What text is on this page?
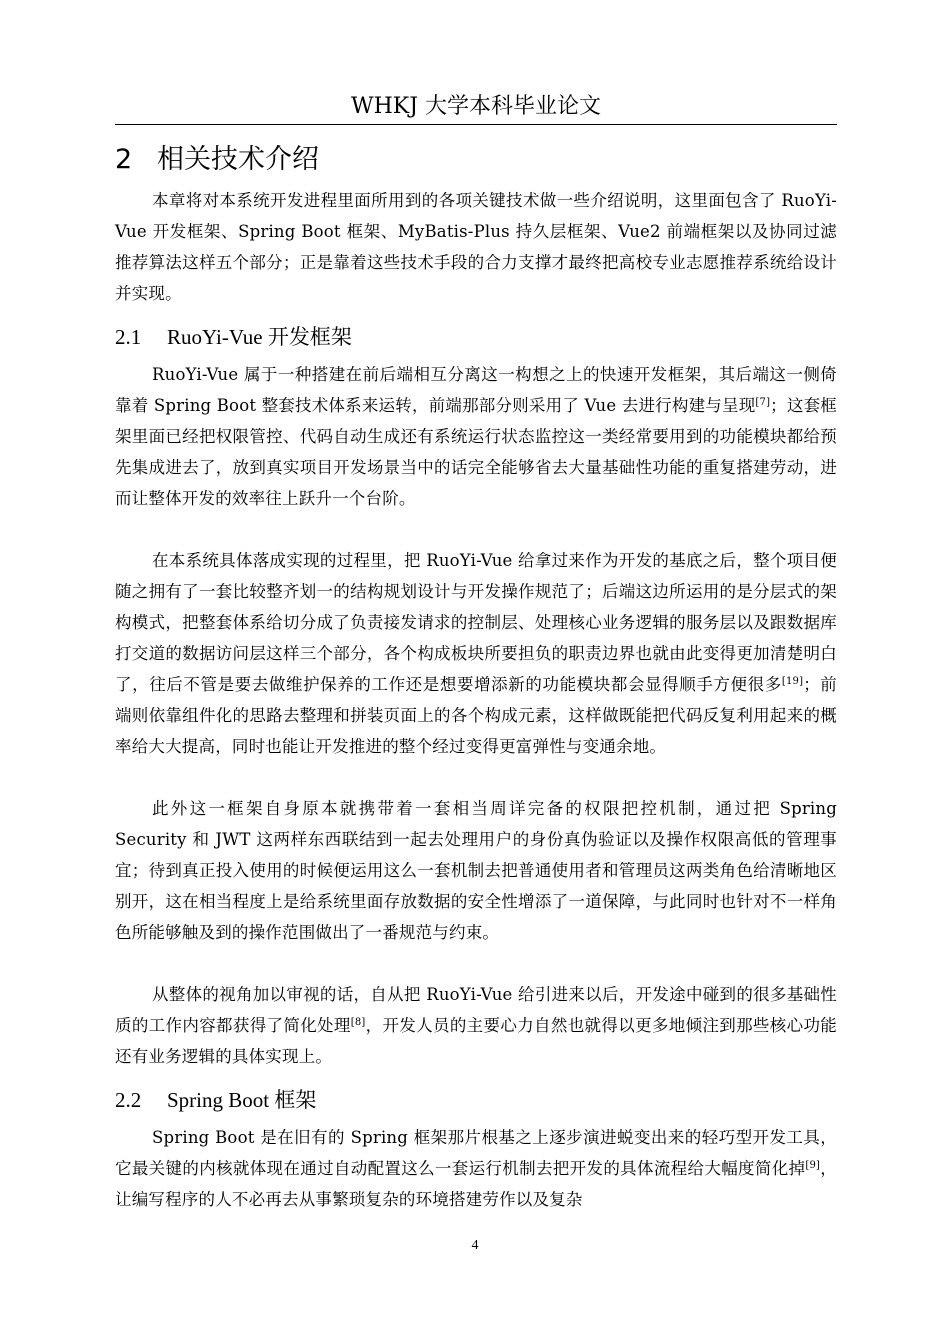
WHKJ 大学本科毕业论文
2 相关技术介绍

本章将对本系统开发进程里面所用到的各项关键技术做一些介绍说明，这里面包含了 RuoYi-Vue 开发框架、Spring Boot 框架、MyBatis-Plus 持久层框架、Vue2 前端框架以及协同过滤推荐算法这样五个部分；正是靠着这些技术手段的合力支撑才最终把高校专业志愿推荐系统给设计并实现。

2.1 RuoYi-Vue 开发框架

RuoYi-Vue 属于一种搭建在前后端相互分离这一构想之上的快速开发框架，其后端这一侧倚靠着 Spring Boot 整套技术体系来运转，前端那部分则采用了 Vue 去进行构建与呈现[7]；这套框架里面已经把权限管控、代码自动生成还有系统运行状态监控这一类经常要用到的功能模块都给预先集成进去了，放到真实项目开发场景当中的话完全能够省去大量基础性功能的重复搭建劳动，进而让整体开发的效率往上跃升一个台阶。

在本系统具体落成实现的过程里，把 RuoYi-Vue 给拿过来作为开发的基底之后，整个项目便随之拥有了一套比较整齐划一的结构规划设计与开发操作规范了；后端这边所运用的是分层式的架构模式，把整套体系给切分成了负责接发请求的控制层、处理核心业务逻辑的服务层以及跟数据库打交道的数据访问层这样三个部分，各个构成板块所要担负的职责边界也就由此变得更加清楚明白了，往后不管是要去做维护保养的工作还是想要增添新的功能模块都会显得顺手方便很多[19]；前端则依靠组件化的思路去整理和拼装页面上的各个构成元素，这样做既能把代码反复利用起来的概率给大大提高，同时也能让开发推进的整个经过变得更富弹性与变通余地。

此外这一框架自身原本就携带着一套相当周详完备的权限把控机制，通过把 Spring Security 和 JWT 这两样东西联结到一起去处理用户的身份真伪验证以及操作权限高低的管理事宜；待到真正投入使用的时候便运用这么一套机制去把普通使用者和管理员这两类角色给清晰地区别开，这在相当程度上是给系统里面存放数据的安全性增添了一道保障，与此同时也针对不一样角色所能够触及到的操作范围做出了一番规范与约束。

从整体的视角加以审视的话，自从把 RuoYi-Vue 给引进来以后，开发途中碰到的很多基础性质的工作内容都获得了简化处理[8]，开发人员的主要心力自然也就得以更多地倾注到那些核心功能还有业务逻辑的具体实现上。

2.2 Spring Boot 框架

Spring Boot 是在旧有的 Spring 框架那片根基之上逐步演进蜕变出来的轻巧型开发工具，它最关键的内核就体现在通过自动配置这么一套运行机制去把开发的具体流程给大幅度简化掉[9]，让编写程序的人不必再去从事繁琐复杂的环境搭建劳作以及复杂

4
